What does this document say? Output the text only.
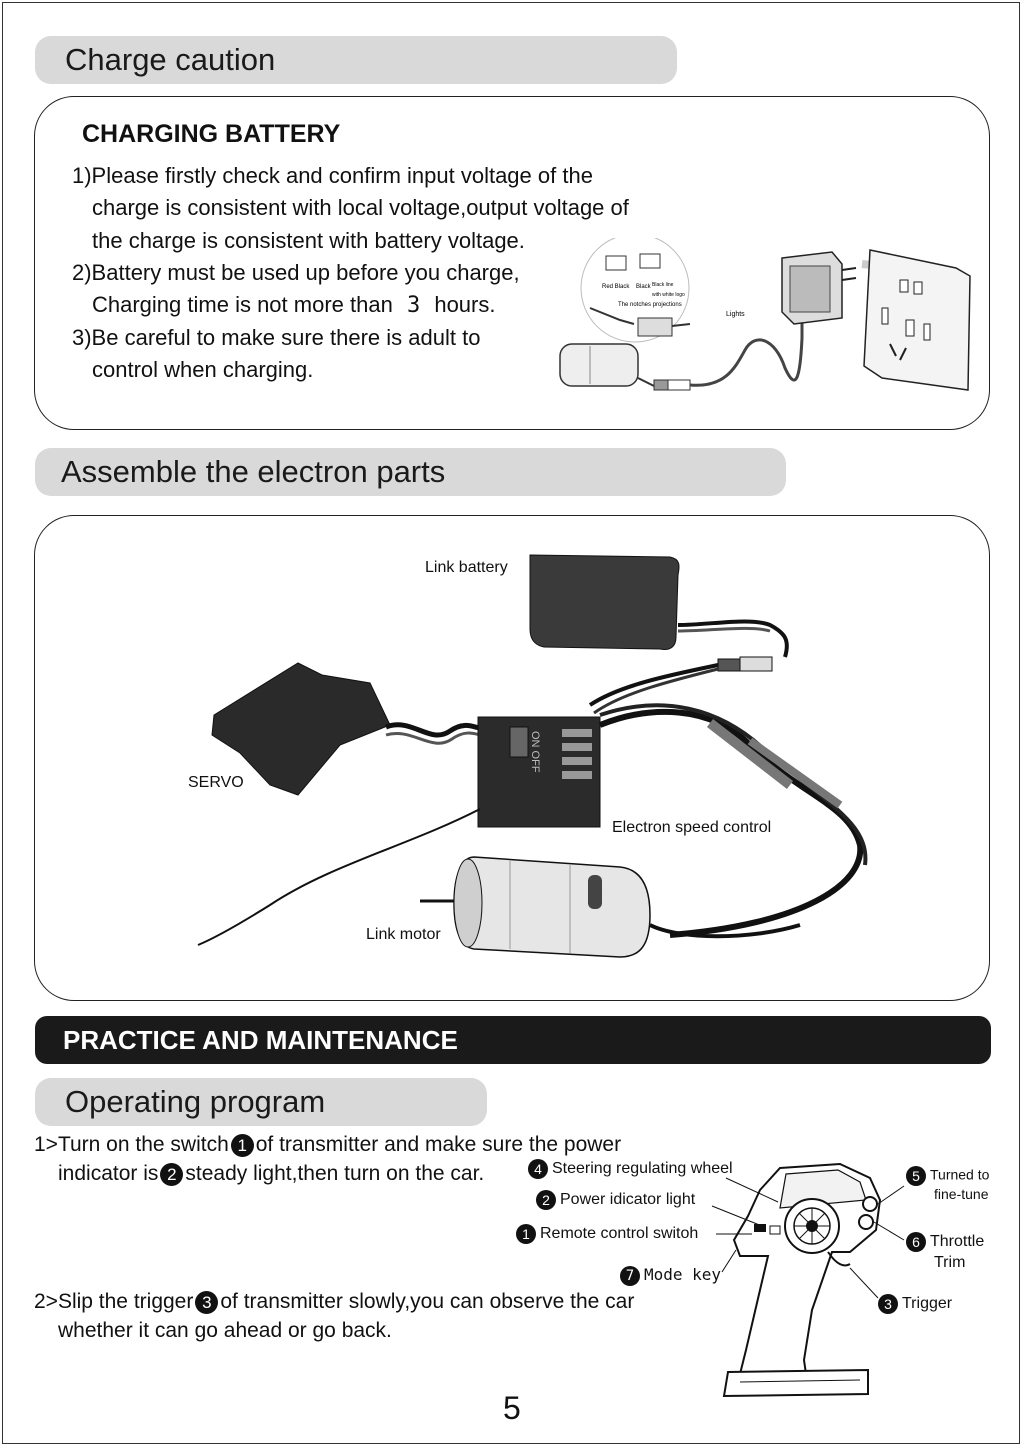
Charge caution
CHARGING BATTERY
1)Please firstly check and confirm input voltage of the
charge is consistent with local voltage,output voltage of
the charge is consistent with battery voltage.
2)Battery must be used up before you charge,
Charging time is not more than 3 hours.
3)Be careful to make sure there is adult to
control when charging.
Red Black Black Black line
with white logo
The notches projections
Lights
Assemble the electron parts
ON OFF
Link battery
SERVO
Electron speed control
Link motor
PRACTICE AND MAINTENANCE
Operating program
1>Turn on the switch 1 of transmitter and make sure the power
indicator is 2 steady light,then turn on the car.
2>Slip the trigger 3 of transmitter slowly,you can observe the car
whether it can go ahead or go back.
4 Steering regulating wheel
2 Power idicator light
1 Remote control switoh
7 Mode key
5 Turned to
fine-tune
6 Throttle
Trim
3 Trigger
5
